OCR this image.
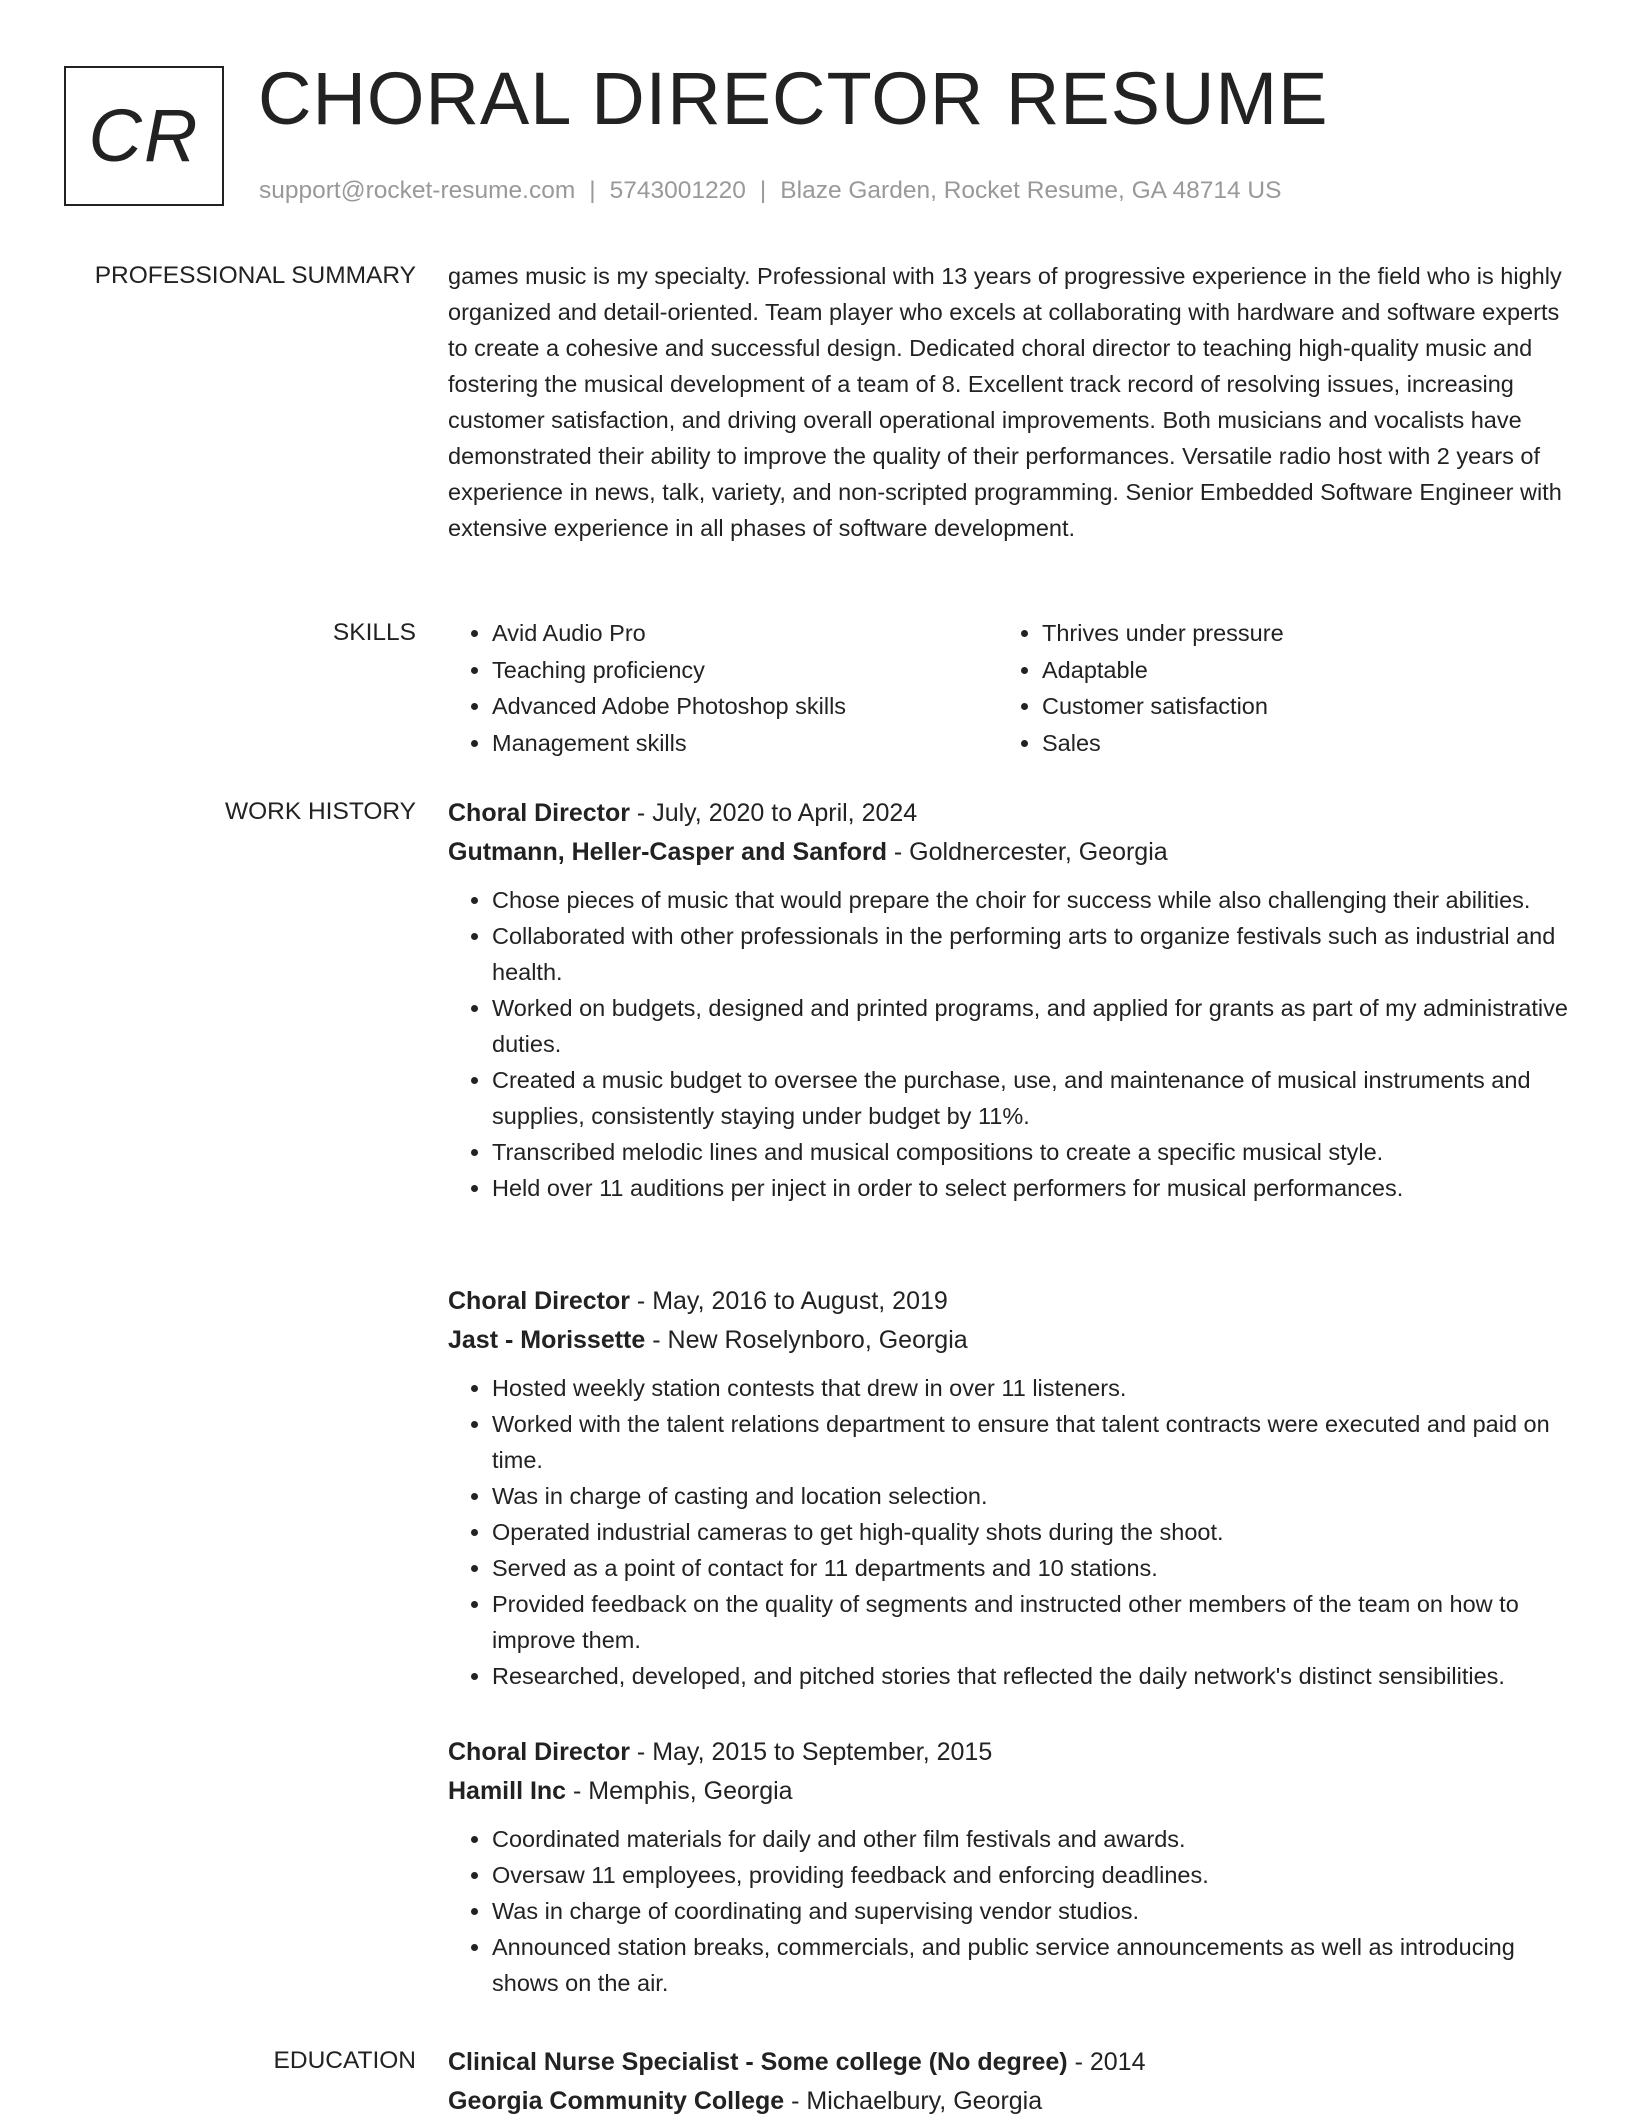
CR CHORAL DIRECTOR RESUME
support@rocket-resume.com | 5743001220 | Blaze Garden, Rocket Resume, GA 48714 US
PROFESSIONAL SUMMARY games music is my specialty. Professional with 13 years of progressive experience in the field who is highly organized and detail-oriented. Team player who excels at collaborating with hardware and software experts to create a cohesive and successful design. Dedicated choral director to teaching high-quality music and fostering the musical development of a team of 8. Excellent track record of resolving issues, increasing customer satisfaction, and driving overall operational improvements. Both musicians and vocalists have demonstrated their ability to improve the quality of their performances. Versatile radio host with 2 years of experience in news, talk, variety, and non-scripted programming. Senior Embedded Software Engineer with extensive experience in all phases of software development.

SKILLS
•	Avid Audio Pro
• Teaching proficiency
• Advanced Adobe Photoshop skills
• Management skills
• Thrives under pressure
• Adaptable
• Customer satisfaction
• Sales
WORK HISTORY Choral Director - July, 2020 to April, 2024
Gutmann, Heller-Casper and Sanford - Goldnercester, Georgia
• Chose pieces of music that would prepare the choir for success while also challenging their abilities.
• Collaborated with other professionals in the performing arts to organize festivals such as industrial and health.
• Worked on budgets, designed and printed programs, and applied for grants as part of my administrative duties.
• Created a music budget to oversee the purchase, use, and maintenance of musical instruments and supplies, consistently staying under budget by 11%.
• Transcribed melodic lines and musical compositions to create a specific musical style.
• Held over 11 auditions per inject in order to select performers for musical performances.
Choral Director - May, 2016 to August, 2019
Jast - Morissette - New Roselynboro, Georgia
• Hosted weekly station contests that drew in over 11 listeners.
• Worked with the talent relations department to ensure that talent contracts were executed and paid on time.
• Was in charge of casting and location selection.
• Operated industrial cameras to get high-quality shots during the shoot.
• Served as a point of contact for 11 departments and 10 stations.
• Provided feedback on the quality of segments and instructed other members of the team on how to improve them.
• Researched, developed, and pitched stories that reflected the daily network's distinct sensibilities.
Choral Director - May, 2015 to September, 2015
Hamill Inc - Memphis, Georgia
• Coordinated materials for daily and other film festivals and awards.
• Oversaw 11 employees, providing feedback and enforcing deadlines.
• Was in charge of coordinating and supervising vendor studios.
• Announced station breaks, commercials, and public service announcements as well as introducing shows on the air.
EDUCATION Clinical Nurse Specialist - Some college (No degree) - 2014
Georgia Community College - Michaelbury, Georgia
